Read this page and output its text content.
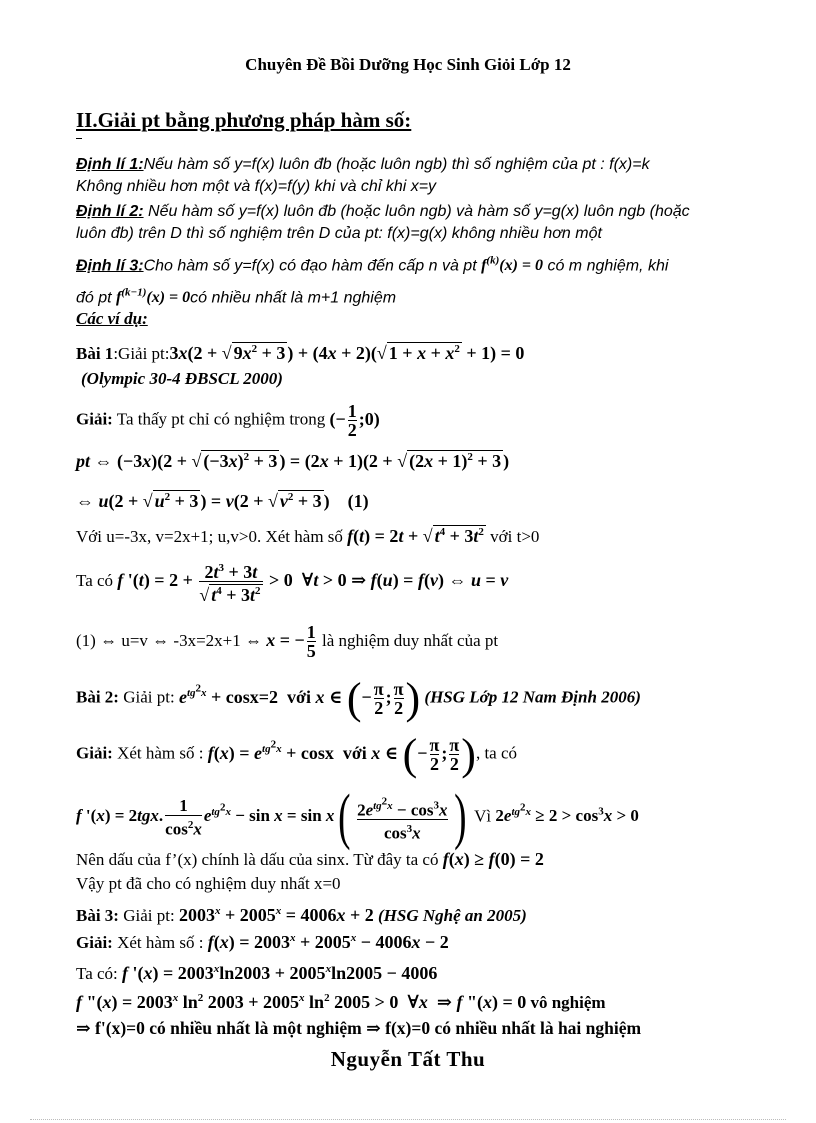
Chuyên Đề Bồi Dưỡng Học Sinh Giỏi Lớp 12
II.Giải pt bằng phương pháp hàm số:
Định lí 1:Nếu hàm số y=f(x) luôn đb (hoặc luôn ngb) thì số nghiệm của pt : f(x)=k
Không nhiều hơn một và f(x)=f(y) khi và chỉ khi x=y
Định lí 2: Nếu hàm số y=f(x) luôn đb (hoặc luôn ngb) và hàm số y=g(x) luôn ngb (hoặc
luôn đb) trên D thì số nghiệm trên D của pt: f(x)=g(x) không nhiều hơn một
Định lí 3:Cho hàm số y=f(x) có đạo hàm đến cấp n và pt $f^{(k)}(x) = 0$ có m nghiệm, khi
đó pt $f^{(k-1)}(x)$ = 0có nhiều nhất là m+1 nghiệm
Các ví dụ:
Bài 1:Giải pt:3x(2 + √ $9x^2 + 3$ ) + (4x + 2)(√ $1 + x + x^2 + 1) = 0$
(Olympic 30-4 ĐBSCL 2000)
Giải: Ta thấy pt chỉ có nghiệm trong (− $\frac{1}{2}$ ;0)
pt ⇔ (−3x)(2 + √ $(-3x)^2 + 3$ ) = (2x + 1)(2 + √ $(2x + 1)^2 + 3$ )
⇔ u(2 + √ $u^2 + 3$ ) = v(2 + √ $v^2 + 3$ )    (1)
Với u=-3x, v=2x+1; u,v>0. Xét hàm số f(t) = 2t + √ $t^4 + 3t^2$ với t>0
Ta có f '$(t) = 2 + \frac{2t^3 + 3t}{√ t^4 + 3t^2} > 0$  ∀t > 0 ⇒ f(u) = f(v) ⇔ u = v
(1) ⇔ u=v ⇔ -3x=2x+1 ⇔ x = − $\frac{1}{5}$ là nghiệm duy nhất của pt
Bài 2: Giải pt: $e^{tg^2x} + \cos x=2$  với x ∈ (− $\frac{\pi}{2}$ ; $\frac{\pi}{2}$ ) (HSG Lớp 12 Nam Định 2006)
Giải: Xét hàm số : $f(x) = e^{tg^2x} + \cos x$  với x ∈ (− $\frac{\pi}{2}$ ; $\frac{\pi}{2}$ ), ta có
f '(x) = 2tgx. $\frac{1}{\cos^2x} e^{tg^2x} - \sin x = \sin x( \frac{2e^{tg^2x} - \cos^3x}{\cos^3x}$ ) Vì $2e^{tg^2x} \ge 2 > \cos^3x > 0$
Nên dấu của f’(x) chính là dấu của sinx. Từ đây ta có f(x) ≥ f(0) = 2
Vậy pt đã cho có nghiệm duy nhất x=0
Bài 3: Giải pt: $2003^x + 2005^x = 4006x + 2$ (HSG Nghệ an 2005)
Giải: Xét hàm số : $f(x) = 2003^x + 2005^x - 4006x - 2$
Ta có: f '$(x) = 2003^x\ln 2003 + 2005^x\ln 2005 - 4006$
f "$(x) = 2003^x$ $\ln^2 2003 + 2005^x$ $\ln^2 2005 > 0$  ∀x  ⇒ f "(x) = 0 vô nghiệm
⇒ f'(x)=0 có nhiều nhất là một nghiệm ⇒ f(x)=0 có nhiều nhất là hai nghiệm
Nguyễn Tất Thu
